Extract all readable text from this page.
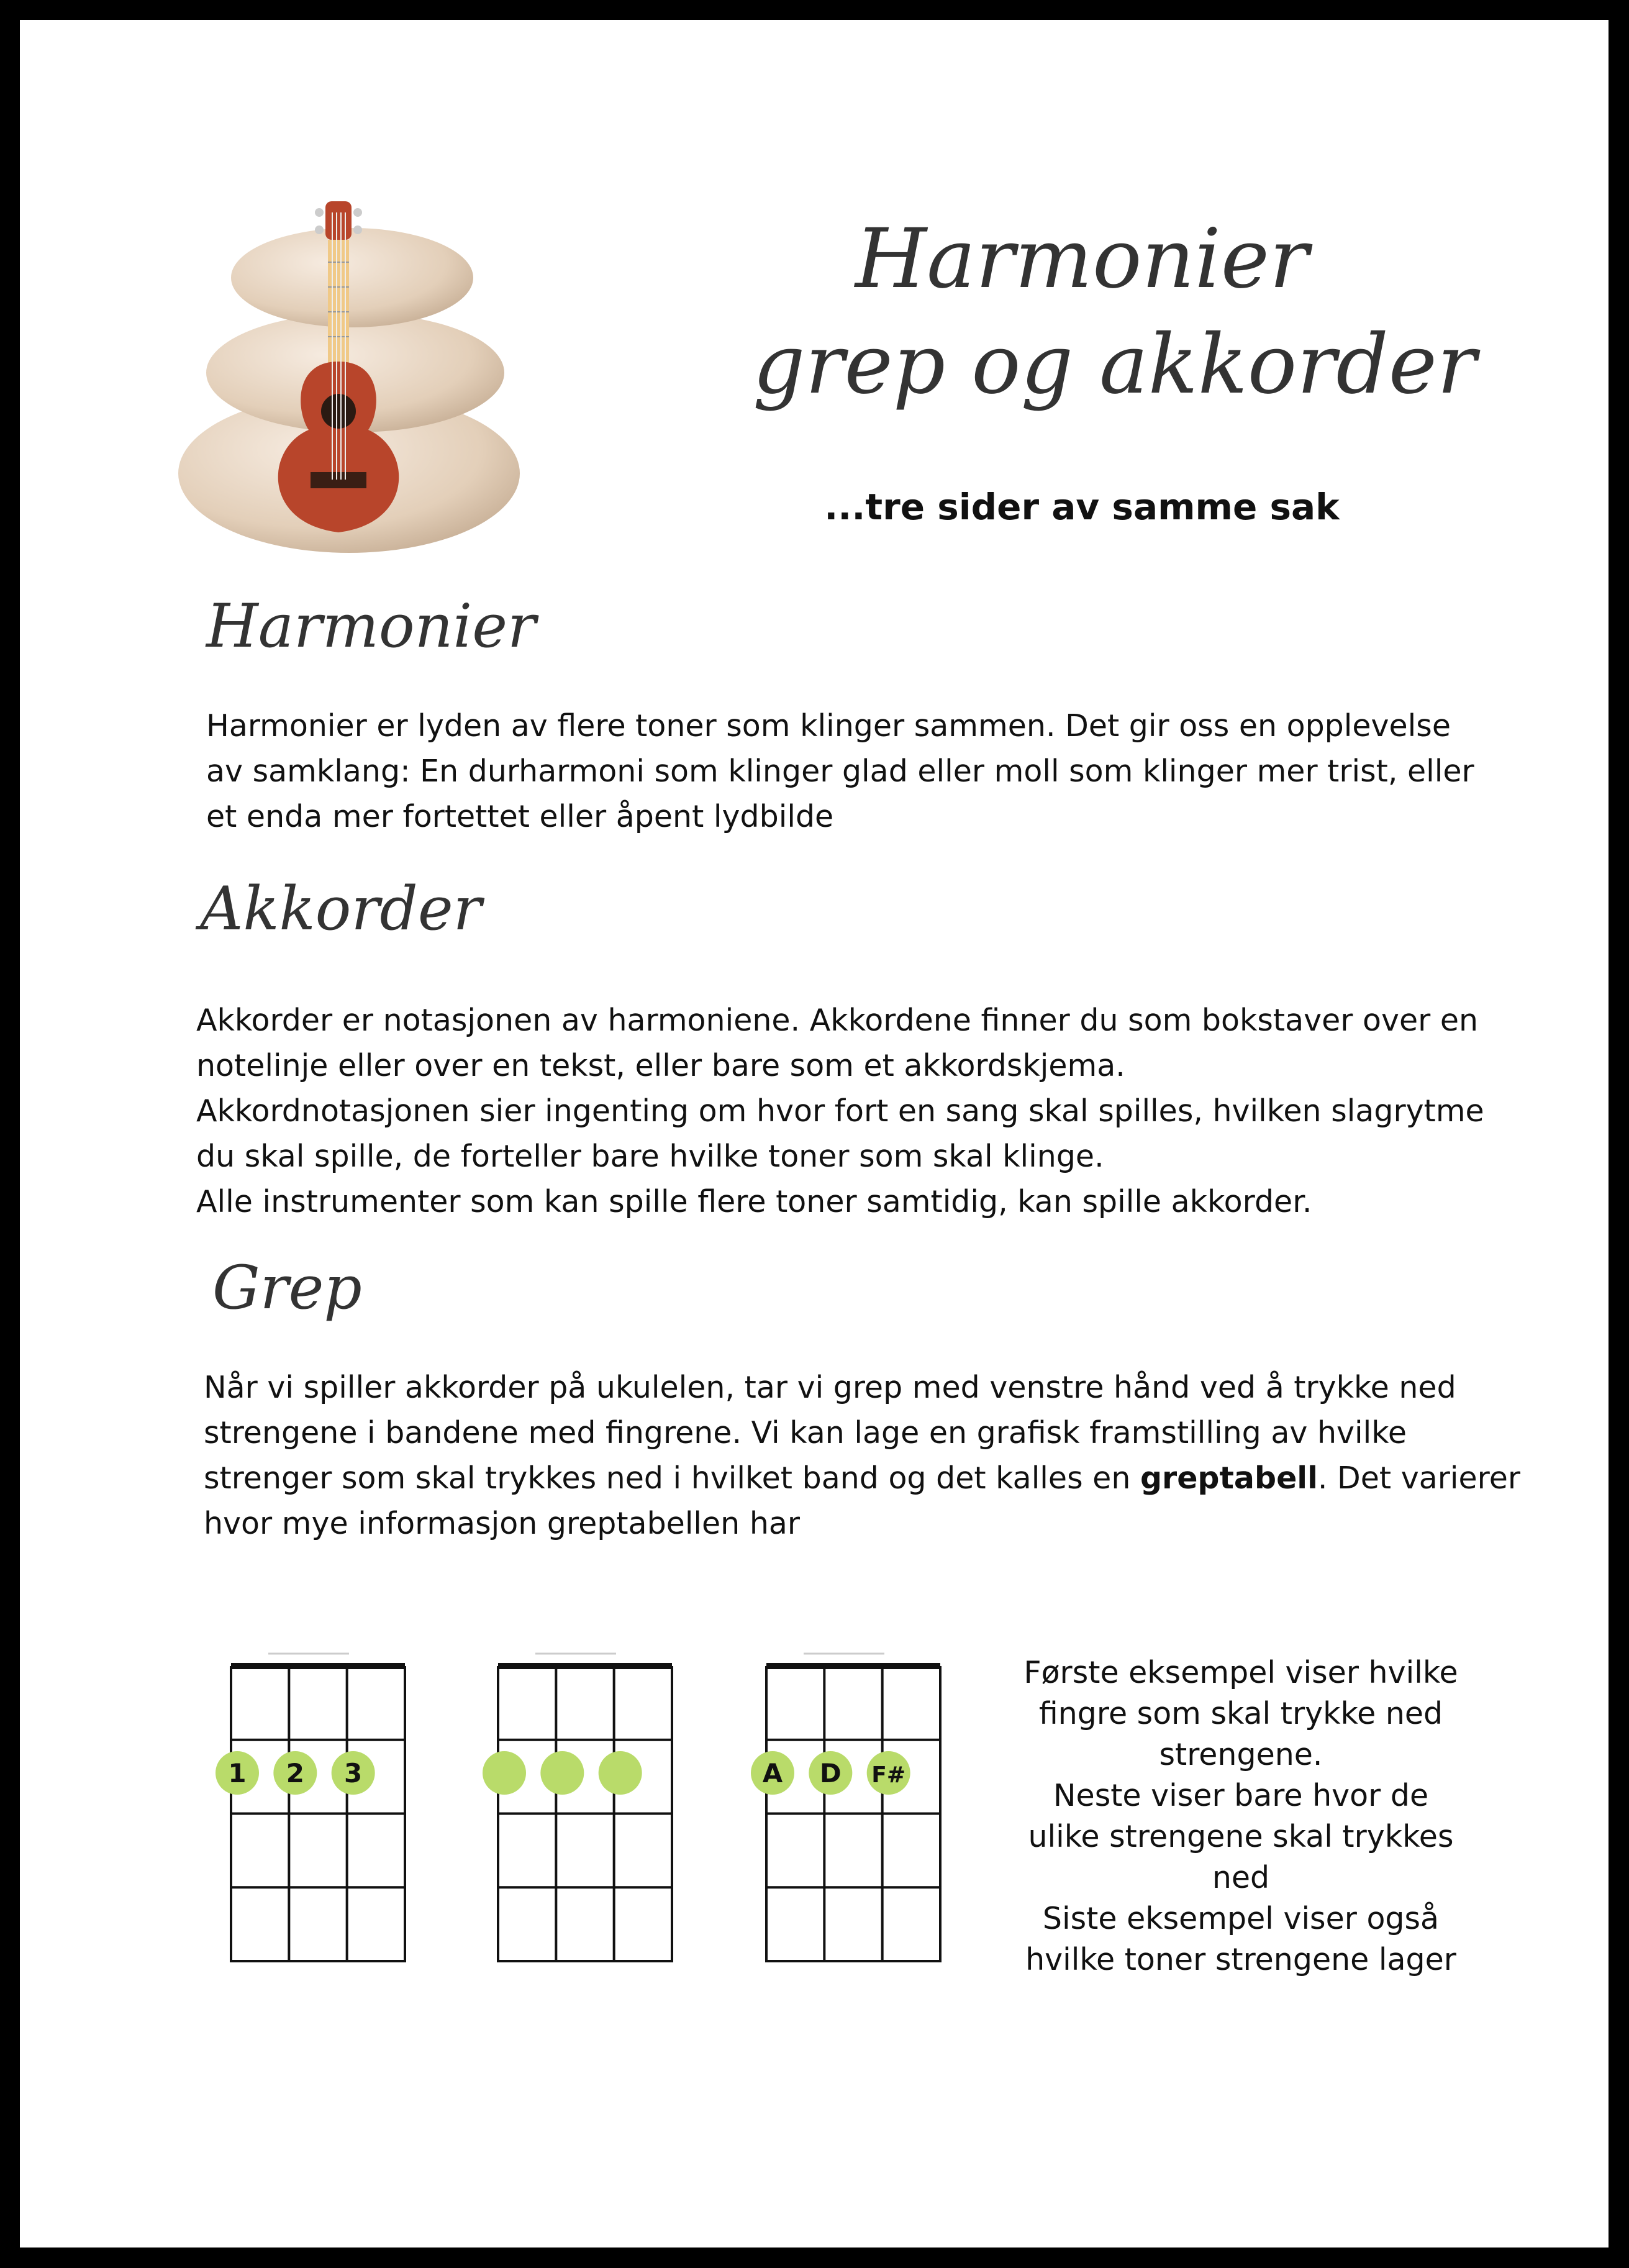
Harmonier
grep og akkorder
...tre sider av samme sak
Harmonier
Harmonier er lyden av flere toner som klinger sammen. Det gir oss en opplevelse
av samklang: En durharmoni som klinger glad eller moll som klinger mer trist, eller
et enda mer fortettet eller åpent lydbilde
Akkorder
Akkorder er notasjonen av harmoniene. Akkordene finner du som bokstaver over en
notelinje eller over en tekst, eller bare som et akkordskjema.
Akkordnotasjonen sier ingenting om hvor fort en sang skal spilles, hvilken slagrytme
du skal spille, de forteller bare hvilke toner som skal klinge.
Alle instrumenter som kan spille flere toner samtidig, kan spille akkorder.
Grep
Når vi spiller akkorder på ukulelen, tar vi grep med venstre hånd ved å trykke ned
strengene i bandene med fingrene. Vi kan lage en grafisk framstilling av hvilke
strenger som skal trykkes ned i hvilket band og det kalles en greptabell. Det varierer
hvor mye informasjon greptabellen har
1 2 3	A D F#
Første eksempel viser hvilke
fingre som skal trykke ned
strengene.
Neste viser bare hvor de
ulike strengene skal trykkes
ned
Siste eksempel viser også
hvilke toner strengene lager
